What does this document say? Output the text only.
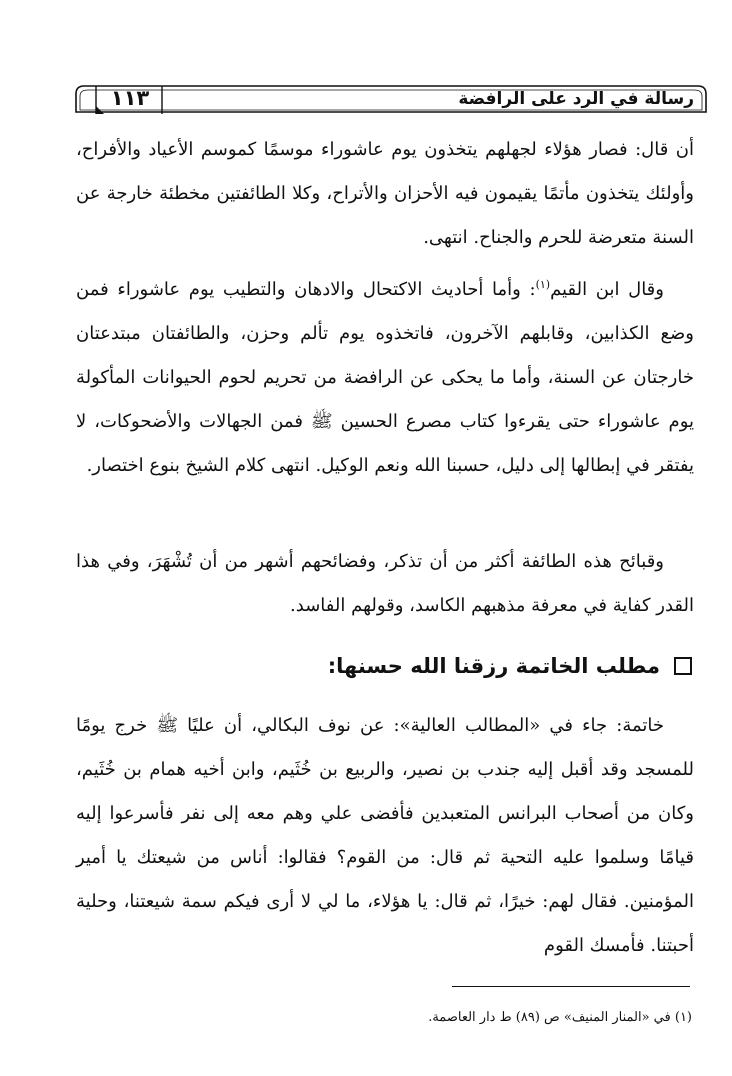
١١٣	رسالة في الرد على الرافضة

أن قال: فصار هؤلاء لجهلهم يتخذون يوم عاشوراء موسمًا كموسم الأعياد والأفراح، وأولئك يتخذون مأتمًا يقيمون فيه الأحزان والأتراح، وكلا الطائفتين مخطئة خارجة عن السنة متعرضة للحرم والجناح. انتهى.

وقال ابن القيم$^{(١)}$: وأما أحاديث الاكتحال والادهان والتطيب يوم عاشوراء فمن وضع الكذابين، وقابلهم الآخرون، فاتخذوه يوم تألم وحزن، والطائفتان مبتدعتان خارجتان عن السنة، وأما ما يحكى عن الرافضة من تحريم لحوم الحيوانات المأكولة يوم عاشوراء حتى يقرءوا كتاب مصرع الحسين ﷺ فمن الجهالات والأضحوكات، لا يفتقر في إبطالها إلى دليل، حسبنا الله ونعم الوكيل. انتهى كلام الشيخ بنوع اختصار.

وقبائح هذه الطائفة أكثر من أن تذكر، وفضائحهم أشهر من أن تُشْهَرَ، وفي هذا القدر كفاية في معرفة مذهبهم الكاسد، وقولهم الفاسد.

مطلب الخاتمة رزقنا الله حسنها:

خاتمة: جاء في «المطالب العالية»: عن نوف البكالي، أن عليًا ﷺ خرج يومًا للمسجد وقد أقبل إليه جندب بن نصير، والربيع بن خُثَيم، وابن أخيه همام بن خُثَيم، وكان من أصحاب البرانس المتعبدين فأفضى علي وهم معه إلى نفر فأسرعوا إليه قيامًا وسلموا عليه التحية ثم قال: من القوم؟ فقالوا: أناس من شيعتك يا أمير المؤمنين. فقال لهم: خيرًا، ثم قال: يا هؤلاء، ما لي لا أرى فيكم سمة شيعتنا، وحلية أحبتنا. فأمسك القوم

(١) في «المنار المنيف» ص (٨٩) ط دار العاصمة.
